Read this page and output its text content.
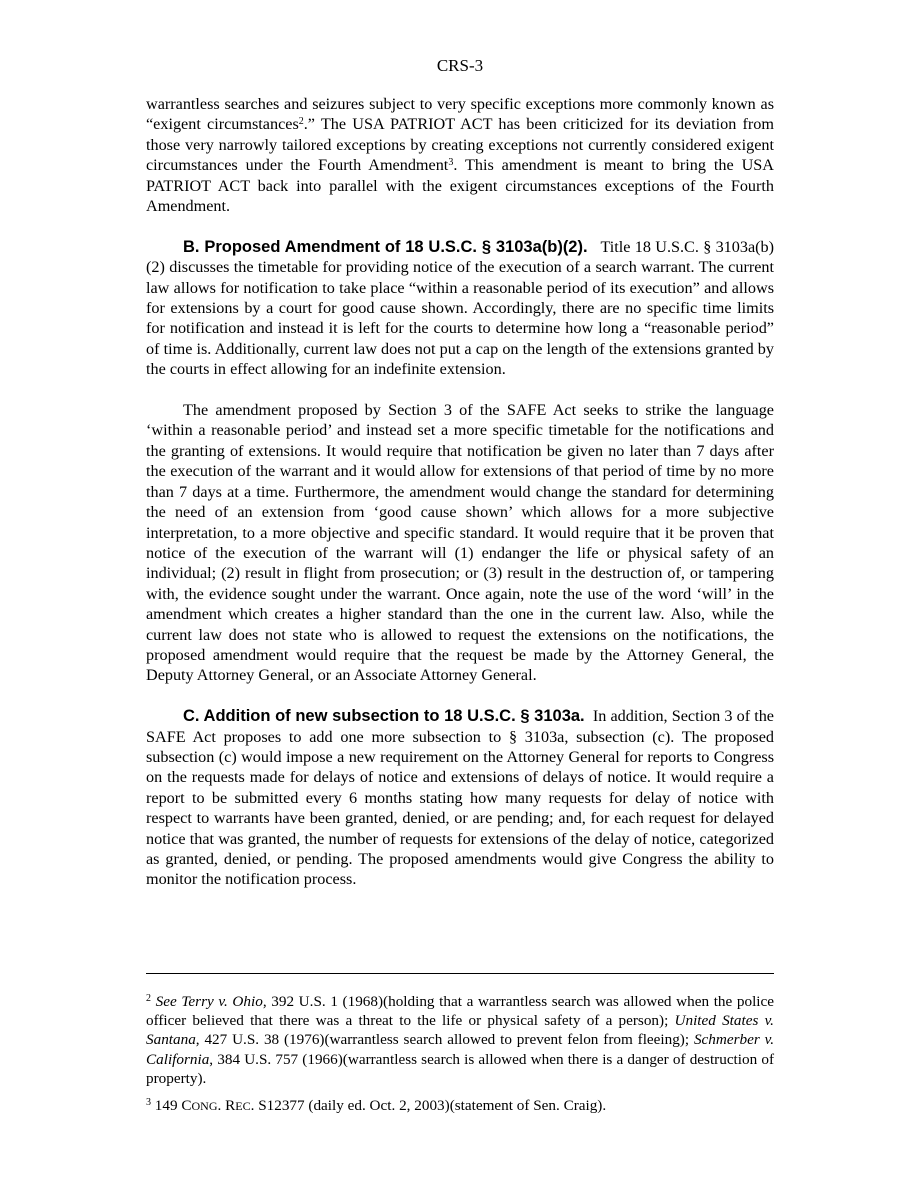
CRS-3

warrantless searches and seizures subject to very specific exceptions more commonly known as “exigent circumstances$^2$.” The USA PATRIOT ACT has been criticized for its deviation from those very narrowly tailored exceptions by creating exceptions not currently considered exigent circumstances under the Fourth Amendment$^3$. This amendment is meant to bring the USA PATRIOT ACT back into parallel with the exigent circumstances exceptions of the Fourth Amendment.

B. Proposed Amendment of 18 U.S.C. § 3103a(b)(2). Title 18 U.S.C. § 3103a(b)(2) discusses the timetable for providing notice of the execution of a search warrant. The current law allows for notification to take place “within a reasonable period of its execution” and allows for extensions by a court for good cause shown. Accordingly, there are no specific time limits for notification and instead it is left for the courts to determine how long a “reasonable period” of time is. Additionally, current law does not put a cap on the length of the extensions granted by the courts in effect allowing for an indefinite extension.

The amendment proposed by Section 3 of the SAFE Act seeks to strike the language ‘within a reasonable period’ and instead set a more specific timetable for the notifications and the granting of extensions. It would require that notification be given no later than 7 days after the execution of the warrant and it would allow for extensions of that period of time by no more than 7 days at a time. Furthermore, the amendment would change the standard for determining the need of an extension from ‘good cause shown’ which allows for a more subjective interpretation, to a more objective and specific standard. It would require that it be proven that notice of the execution of the warrant will (1) endanger the life or physical safety of an individual; (2) result in flight from prosecution; or (3) result in the destruction of, or tampering with, the evidence sought under the warrant. Once again, note the use of the word ‘will’ in the amendment which creates a higher standard than the one in the current law. Also, while the current law does not state who is allowed to request the extensions on the notifications, the proposed amendment would require that the request be made by the Attorney General, the Deputy Attorney General, or an Associate Attorney General.

C. Addition of new subsection to 18 U.S.C. § 3103a. In addition, Section 3 of the SAFE Act proposes to add one more subsection to § 3103a, subsection (c). The proposed subsection (c) would impose a new requirement on the Attorney General for reports to Congress on the requests made for delays of notice and extensions of delays of notice. It would require a report to be submitted every 6 months stating how many requests for delay of notice with respect to warrants have been granted, denied, or are pending; and, for each request for delayed notice that was granted, the number of requests for extensions of the delay of notice, categorized as granted, denied, or pending. The proposed amendments would give Congress the ability to monitor the notification process.

$^2$ See Terry v. Ohio, 392 U.S. 1 (1968)(holding that a warrantless search was allowed when the police officer believed that there was a threat to the life or physical safety of a person); United States v. Santana, 427 U.S. 38 (1976)(warrantless search allowed to prevent felon from fleeing); Schmerber v. California, 384 U.S. 757 (1966)(warrantless search is allowed when there is a danger of destruction of property).

$^3$ 149 CONG. REC. S12377 (daily ed. Oct. 2, 2003)(statement of Sen. Craig).
